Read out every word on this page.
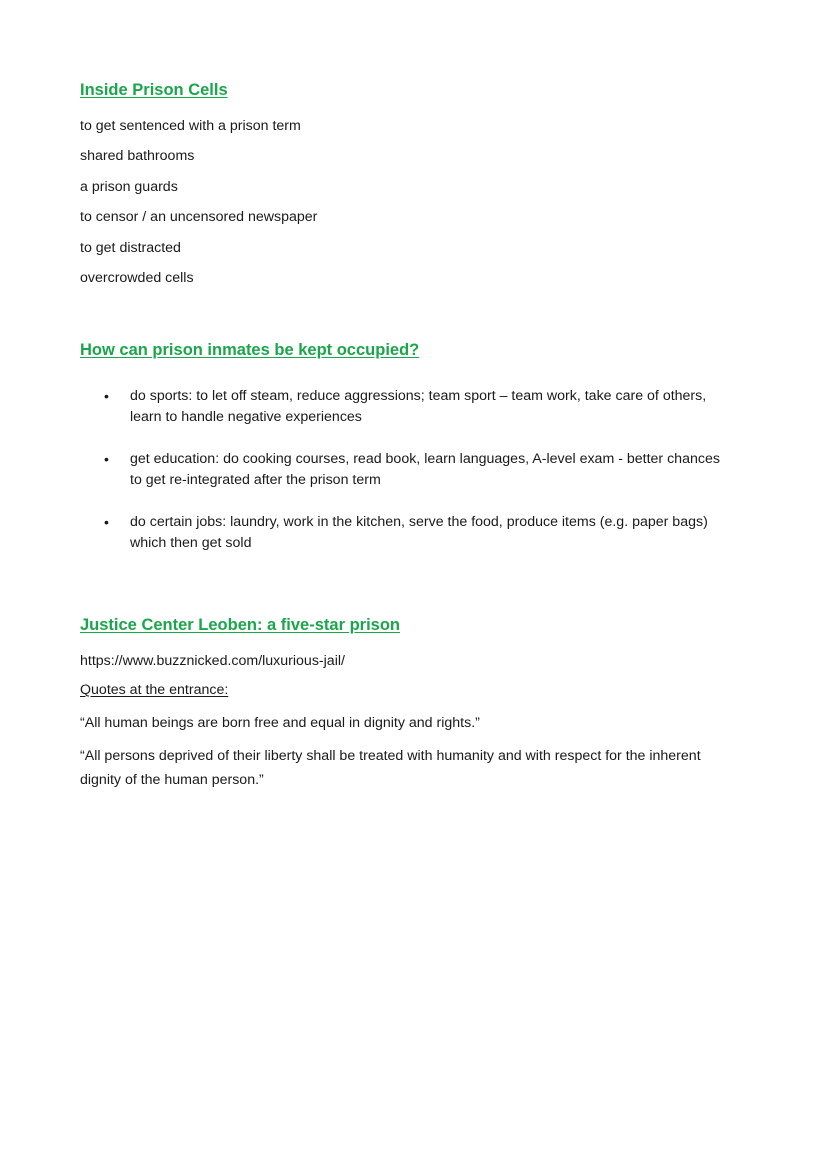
Inside Prison Cells
to get sentenced with a prison term
shared bathrooms
a prison guards
to censor / an uncensored newspaper
to get distracted
overcrowded cells
How can prison inmates be kept occupied?
• do sports: to let off steam, reduce aggressions; team sport – team work, take care of others, learn to handle negative experiences
• get education: do cooking courses, read book, learn languages, A-level exam - better chances to get re-integrated after the prison term
• do certain jobs: laundry, work in the kitchen, serve the food, produce items (e.g. paper bags) which then get sold
Justice Center Leoben: a five-star prison
https://www.buzznicked.com/luxurious-jail/
Quotes at the entrance:
“All human beings are born free and equal in dignity and rights.”
“All persons deprived of their liberty shall be treated with humanity and with respect for the inherent dignity of the human person.”
